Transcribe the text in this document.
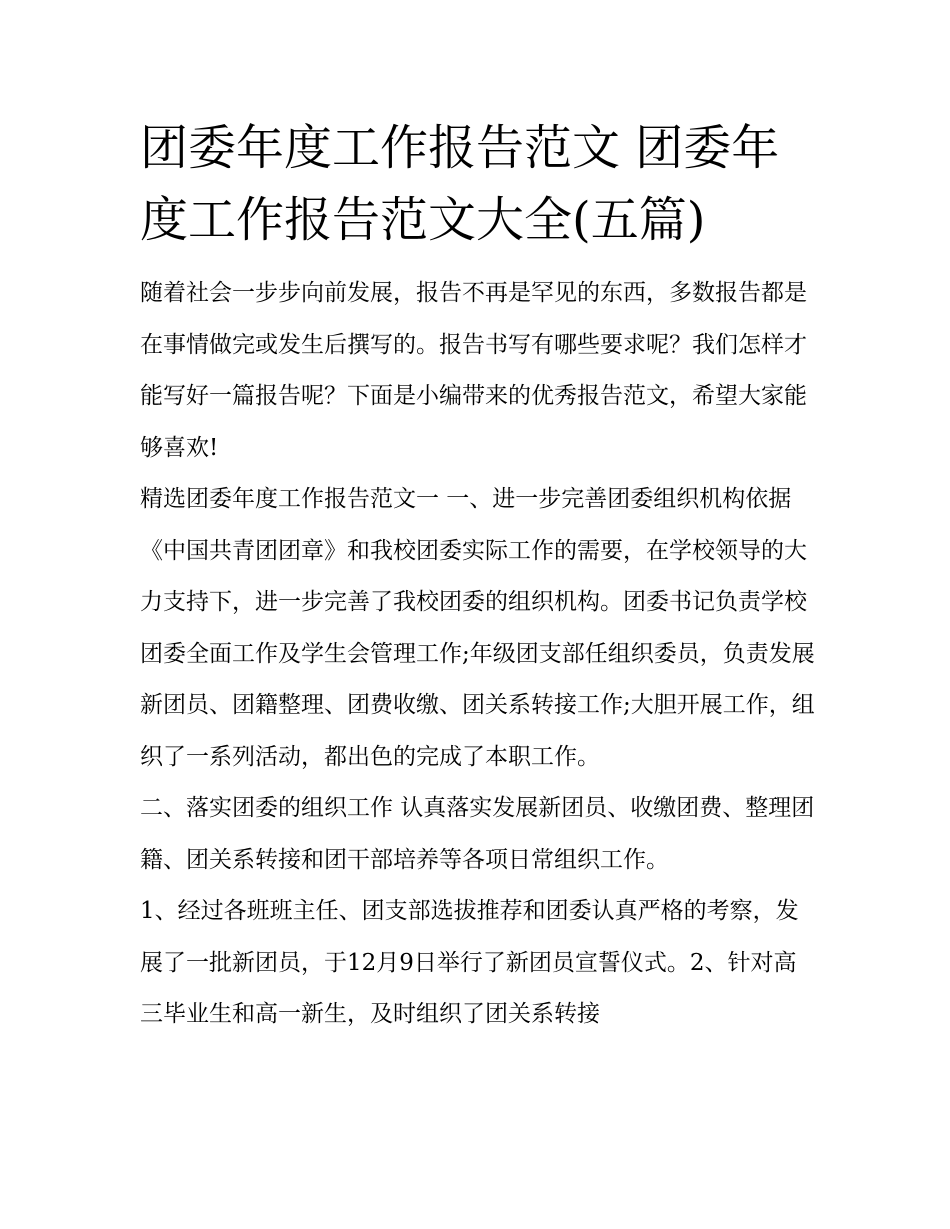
团委年度工作报告范文 团委年度工作报告范文大全(五篇)

随着社会一步步向前发展，报告不再是罕见的东西，多数报告都是在事情做完或发生后撰写的。报告书写有哪些要求呢？我们怎样才能写好一篇报告呢？下面是小编带来的优秀报告范文，希望大家能够喜欢!

精选团委年度工作报告范文一 一、进一步完善团委组织机构依据《中国共青团团章》和我校团委实际工作的需要，在学校领导的大力支持下，进一步完善了我校团委的组织机构。团委书记负责学校团委全面工作及学生会管理工作;年级团支部任组织委员，负责发展新团员、团籍整理、团费收缴、团关系转接工作;大胆开展工作，组织了一系列活动，都出色的完成了本职工作。

二、落实团委的组织工作 认真落实发展新团员、收缴团费、整理团籍、团关系转接和团干部培养等各项日常组织工作。

1、经过各班班主任、团支部选拔推荐和团委认真严格的考察，发展了一批新团员，于12月9日举行了新团员宣誓仪式。2、针对高三毕业生和高一新生，及时组织了团关系转接
